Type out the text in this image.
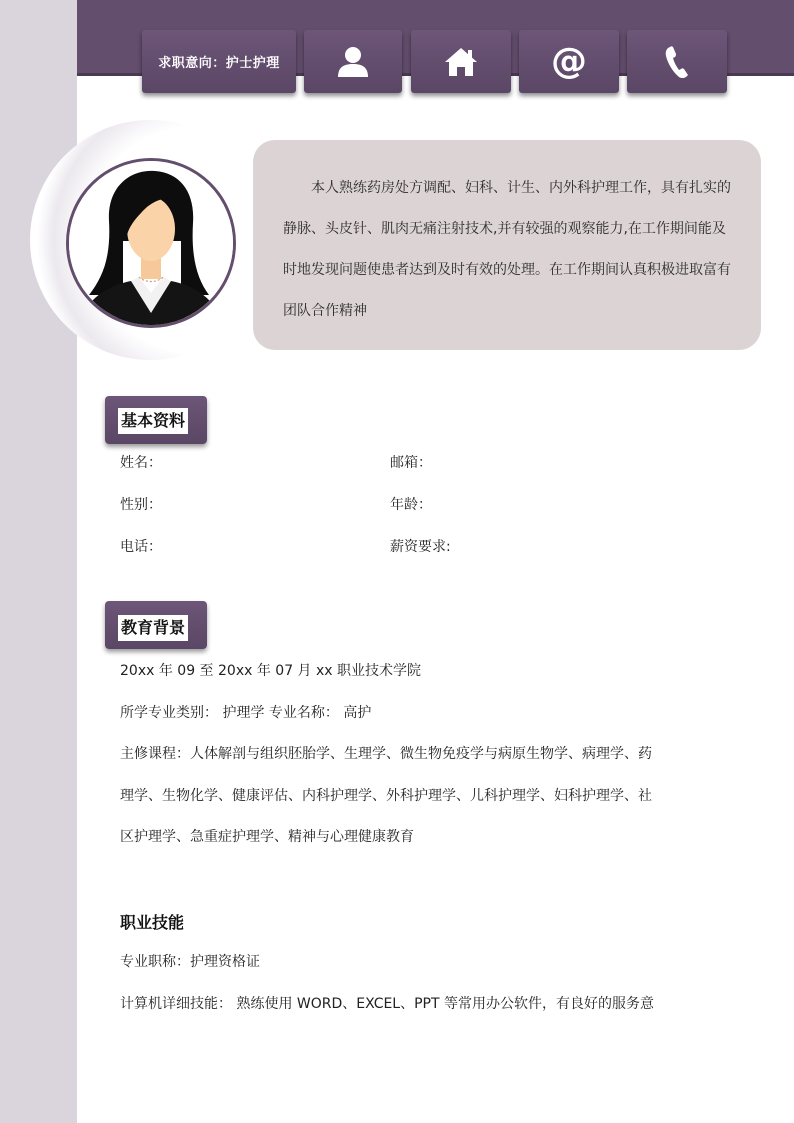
求职意向：护士护理	@

本人熟练药房处方调配、妇科、计生、内外科护理工作，具有扎实的静脉、头皮针、肌肉无痛注射技术,并有较强的观察能力,在工作期间能及时地发现问题使患者达到及时有效的处理。在工作期间认真积极进取富有团队合作精神

基本资料
姓名：	邮箱：
性别：	年龄：
电话：	薪资要求:
教育背景
20xx 年 09 至 20xx 年 07 月 xx 职业技术学院
所学专业类别： 护理学 专业名称： 高护
主修课程：人体解剖与组织胚胎学、生理学、微生物免疫学与病原生物学、病理学、药
理学、生物化学、健康评估、内科护理学、外科护理学、儿科护理学、妇科护理学、社
区护理学、急重症护理学、精神与心理健康教育
职业技能
专业职称：护理资格证
计算机详细技能： 熟练使用 WORD、EXCEL、PPT 等常用办公软件，有良好的服务意
